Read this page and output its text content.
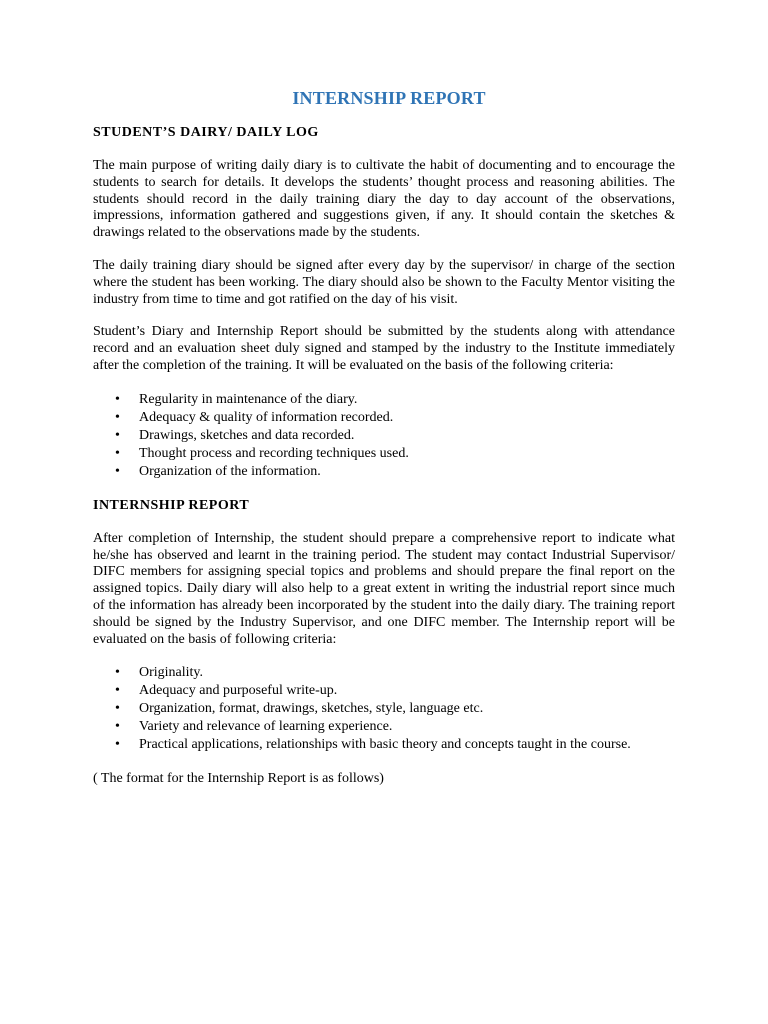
INTERNSHIP REPORT
STUDENT’S DAIRY/ DAILY LOG

The main purpose of writing daily diary is to cultivate the habit of documenting and to encourage the students to search for details. It develops the students’ thought process and reasoning abilities. The students should record in the daily training diary the day to day account of the observations, impressions, information gathered and suggestions given, if any. It should contain the sketches & drawings related to the observations made by the students.

The daily training diary should be signed after every day by the supervisor/ in charge of the section where the student has been working. The diary should also be shown to the Faculty Mentor visiting the industry from time to time and got ratified on the day of his visit.

Student’s Diary and Internship Report should be submitted by the students along with attendance record and an evaluation sheet duly signed and stamped by the industry to the Institute immediately after the completion of the training. It will be evaluated on the basis of the following criteria:

•	Regularity in maintenance of the diary.
•	Adequacy & quality of information recorded.
•	Drawings, sketches and data recorded.
•	Thought process and recording techniques used.
•	Organization of the information.
INTERNSHIP REPORT

After completion of Internship, the student should prepare a comprehensive report to indicate what he/she has observed and learnt in the training period. The student may contact Industrial Supervisor/ DIFC members for assigning special topics and problems and should prepare the final report on the assigned topics. Daily diary will also help to a great extent in writing the industrial report since much of the information has already been incorporated by the student into the daily diary. The training report should be signed by the Industry Supervisor, and one DIFC member. The Internship report will be evaluated on the basis of following criteria:

•	Originality.
•	Adequacy and purposeful write-up.
•	Organization, format, drawings, sketches, style, language etc.
•	Variety and relevance of learning experience.
•	Practical applications, relationships with basic theory and concepts taught in the course.

( The format for the Internship Report is as follows)
